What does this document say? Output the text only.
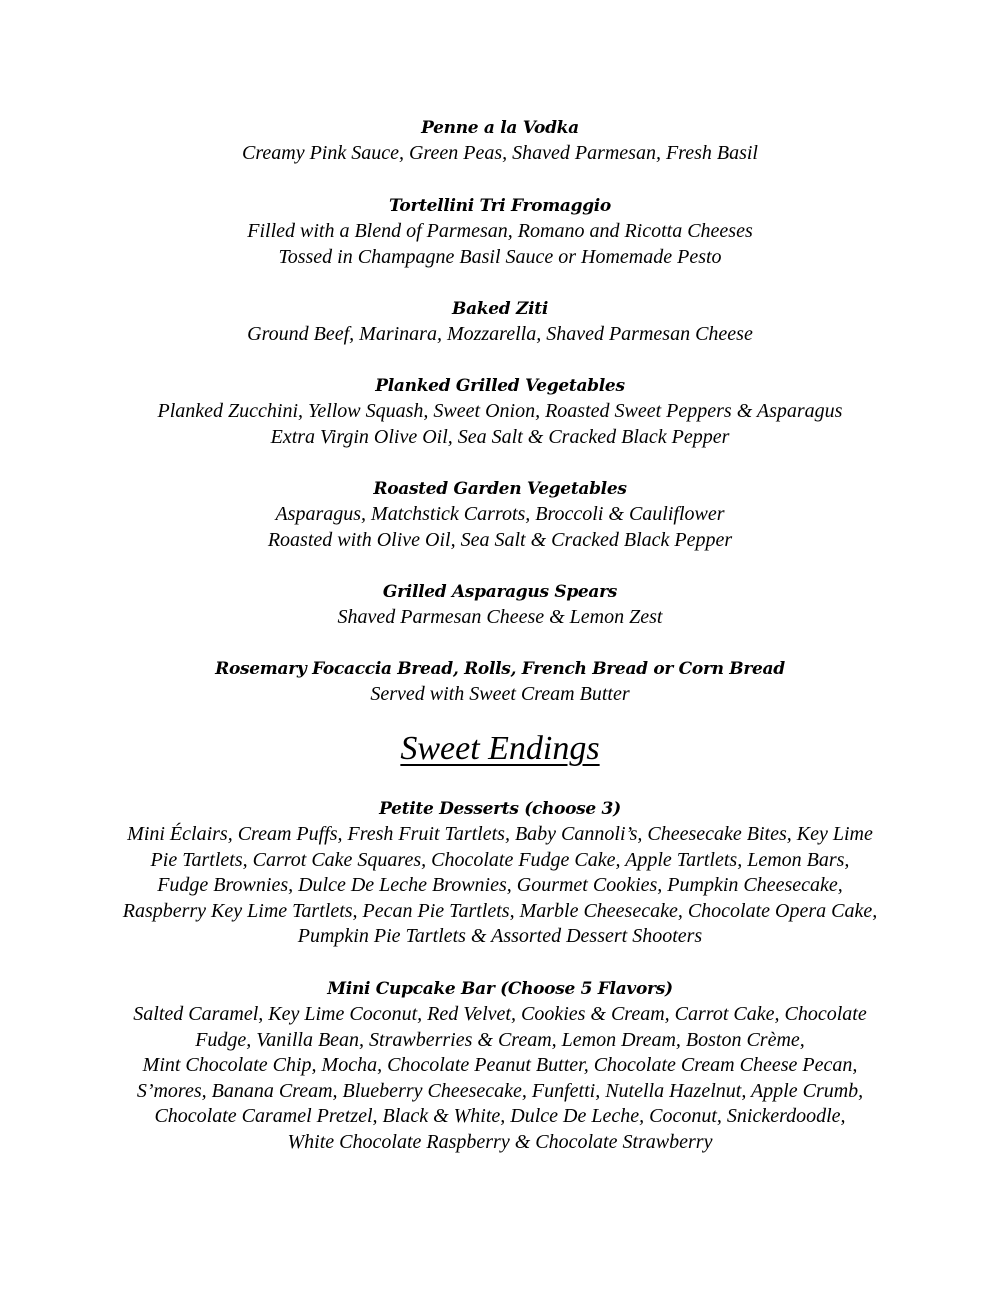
Penne a la Vodka
Creamy Pink Sauce, Green Peas, Shaved Parmesan, Fresh Basil
Tortellini Tri Fromaggio
Filled with a Blend of Parmesan, Romano and Ricotta Cheeses
Tossed in Champagne Basil Sauce or Homemade Pesto
Baked Ziti
Ground Beef, Marinara, Mozzarella, Shaved Parmesan Cheese
Planked Grilled Vegetables
Planked Zucchini, Yellow Squash, Sweet Onion, Roasted Sweet Peppers & Asparagus
Extra Virgin Olive Oil, Sea Salt & Cracked Black Pepper
Roasted Garden Vegetables
Asparagus, Matchstick Carrots, Broccoli & Cauliflower
Roasted with Olive Oil, Sea Salt & Cracked Black Pepper
Grilled Asparagus Spears
Shaved Parmesan Cheese & Lemon Zest
Rosemary Focaccia Bread, Rolls, French Bread or Corn Bread
Served with Sweet Cream Butter
Sweet Endings
Petite Desserts (choose 3)
Mini Éclairs, Cream Puffs, Fresh Fruit Tartlets, Baby Cannoli’s, Cheesecake Bites, Key Lime
Pie Tartlets, Carrot Cake Squares, Chocolate Fudge Cake, Apple Tartlets, Lemon Bars,
Fudge Brownies, Dulce De Leche Brownies, Gourmet Cookies, Pumpkin Cheesecake,
Raspberry Key Lime Tartlets, Pecan Pie Tartlets, Marble Cheesecake, Chocolate Opera Cake,
Pumpkin Pie Tartlets & Assorted Dessert Shooters
Mini Cupcake Bar (Choose 5 Flavors)
Salted Caramel, Key Lime Coconut, Red Velvet, Cookies & Cream, Carrot Cake, Chocolate
Fudge, Vanilla Bean, Strawberries & Cream, Lemon Dream, Boston Crème,
Mint Chocolate Chip, Mocha, Chocolate Peanut Butter, Chocolate Cream Cheese Pecan,
S’mores, Banana Cream, Blueberry Cheesecake, Funfetti, Nutella Hazelnut, Apple Crumb,
Chocolate Caramel Pretzel, Black & White, Dulce De Leche, Coconut, Snickerdoodle,
White Chocolate Raspberry & Chocolate Strawberry
